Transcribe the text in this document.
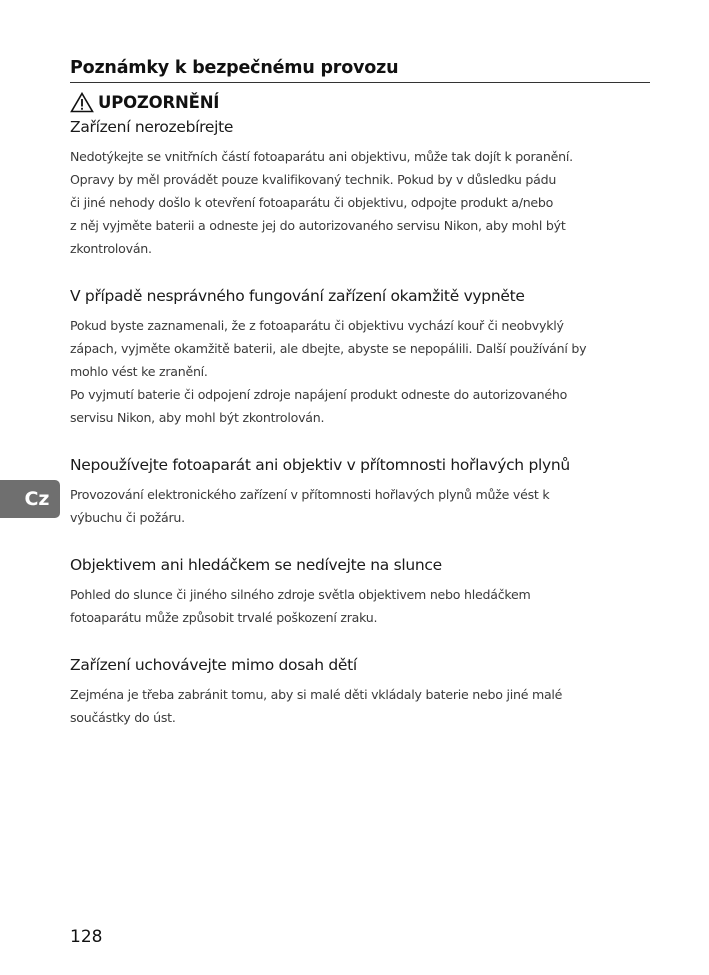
Poznámky k bezpečnému provozu
UPOZORNĚNÍ
Zařízení nerozebírejte

Nedotýkejte se vnitřních částí fotoaparátu ani objektivu, může tak dojít k poranění.

Opravy by měl provádět pouze kvalifikovaný technik. Pokud by v důsledku pádu

či jiné nehody došlo k otevření fotoaparátu či objektivu, odpojte produkt a/nebo

z něj vyjměte baterii a odneste jej do autorizovaného servisu Nikon, aby mohl být

zkontrolován.

V případě nesprávného fungování zařízení okamžitě vypněte

Pokud byste zaznamenali, že z fotoaparátu či objektivu vychází kouř či neobvyklý

zápach, vyjměte okamžitě baterii, ale dbejte, abyste se nepopálili. Další používání by

mohlo vést ke zranění.

Po vyjmutí baterie či odpojení zdroje napájení produkt odneste do autorizovaného

servisu Nikon, aby mohl být zkontrolován.

Nepoužívejte fotoaparát ani objektiv v přítomnosti hořlavých plynů

Provozování elektronického zařízení v přítomnosti hořlavých plynů může vést k

výbuchu či požáru.

Objektivem ani hledáčkem se nedívejte na slunce

Pohled do slunce či jiného silného zdroje světla objektivem nebo hledáčkem

fotoaparátu může způsobit trvalé poškození zraku.

Zařízení uchovávejte mimo dosah dětí

Zejména je třeba zabránit tomu, aby si malé děti vkládaly baterie nebo jiné malé

součástky do úst.

Cz
128
